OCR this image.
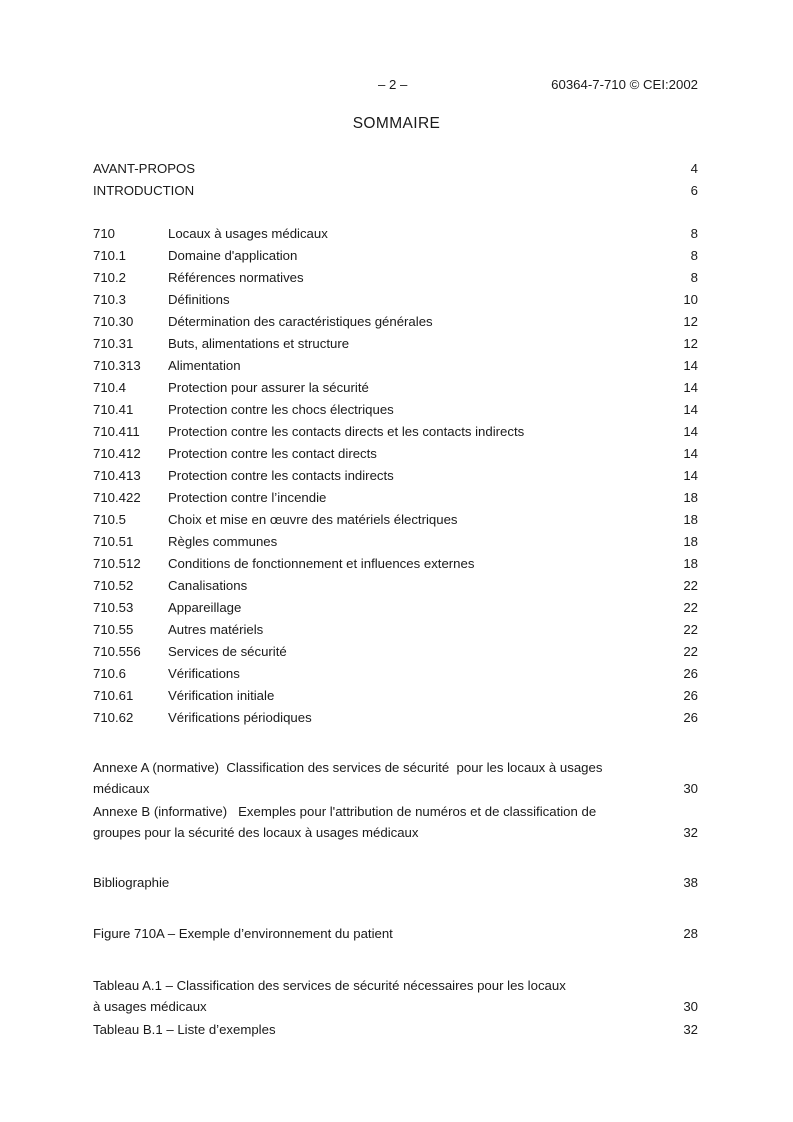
– 2 –	60364-7-710 © CEI:2002
SOMMAIRE
AVANT-PROPOS .....	4
INTRODUCTION .....	6
710	Locaux à usages médicaux .....	8
710.1	Domaine d'application .....	8
710.2	Références normatives .....	8
710.3	Définitions .....	10
710.30	Détermination des caractéristiques générales .....	12
710.31	Buts, alimentations et structure .....	12
710.313	Alimentation .....	14
710.4	Protection pour assurer la sécurité .....	14
710.41	Protection contre les chocs électriques .....	14
710.411	Protection contre les contacts directs et les contacts indirects .....	14
710.412	Protection contre les contact directs .....	14
710.413	Protection contre les contacts indirects .....	14
710.422	Protection contre l’incendie .....	18
710.5	Choix et mise en œuvre des matériels électriques .....	18
710.51	Règles communes .....	18
710.512	Conditions de fonctionnement et influences externes .....	18
710.52	Canalisations .....	22
710.53	Appareillage .....	22
710.55	Autres matériels .....	22
710.556	Services de sécurité .....	22
710.6	Vérifications .....	26
710.61	Vérification initiale .....	26
710.62	Vérifications périodiques .....	26
Annexe A (normative)  Classification des services de sécurité  pour les locaux à usages
médicaux .....	30
Annexe B (informative)   Exemples pour l'attribution de numéros et de classification de
groupes pour la sécurité des locaux à usages médicaux .....	32
Bibliographie .....	38
Figure 710A – Exemple d’environnement du patient .....	28
Tableau A.1 – Classification des services de sécurité nécessaires pour les locaux
à usages médicaux .....	30
Tableau B.1 – Liste d’exemples .....	32
